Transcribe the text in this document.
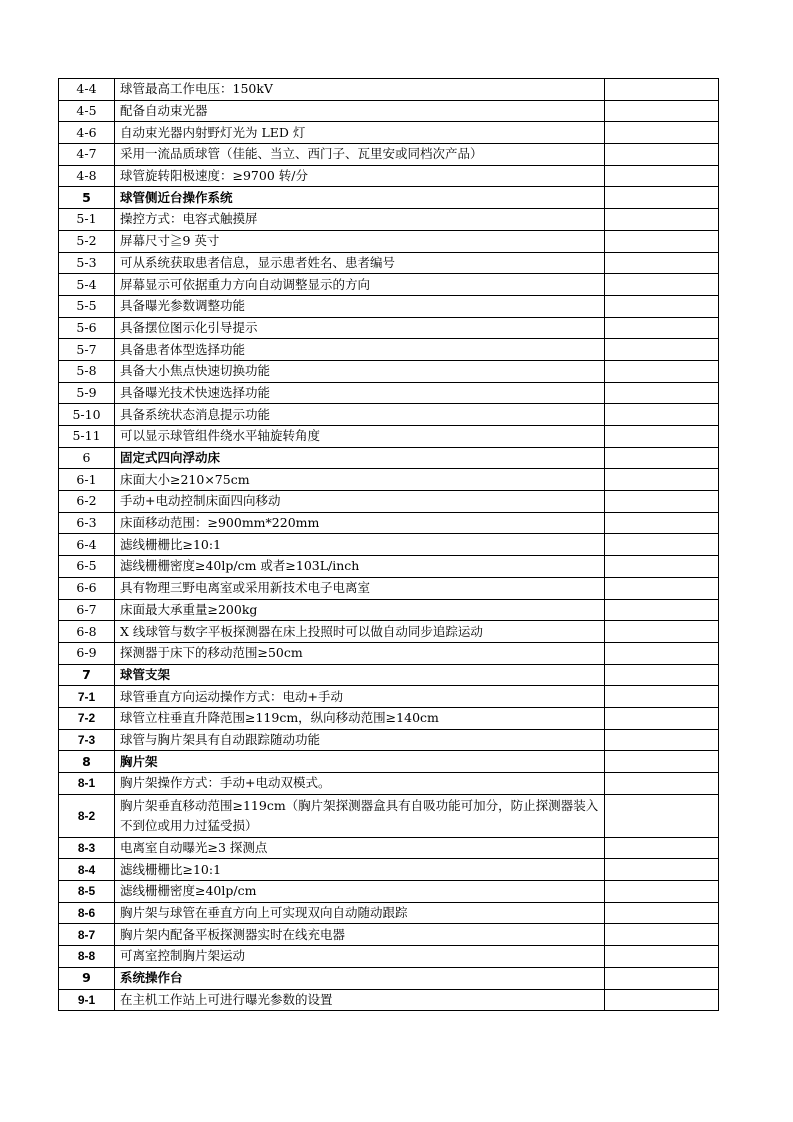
4-4	球管最高工作电压：150kV	
4-5	配备自动束光器	
4-6	自动束光器内射野灯光为 LED 灯	
4-7	采用一流品质球管（佳能、当立、西门子、瓦里安或同档次产品）	
4-8	球管旋转阳极速度：≥9700 转/分	
5	球管侧近台操作系统	
5-1	操控方式：电容式触摸屏	
5-2	屏幕尺寸≧9 英寸	
5-3	可从系统获取患者信息，显示患者姓名、患者编号	
5-4	屏幕显示可依据重力方向自动调整显示的方向	
5-5	具备曝光参数调整功能	
5-6	具备摆位图示化引导提示	
5-7	具备患者体型选择功能	
5-8	具备大小焦点快速切换功能	
5-9	具备曝光技术快速选择功能	
5-10	具备系统状态消息提示功能	
5-11	可以显示球管组件绕水平轴旋转角度	
6	固定式四向浮动床	
6-1	床面大小≥210×75cm	
6-2	手动+电动控制床面四向移动	
6-3	床面移动范围：≥900mm*220mm	
6-4	滤线栅栅比≥10:1	
6-5	滤线栅栅密度≥40lp/cm 或者≥103L/inch	
6-6	具有物理三野电离室或采用新技术电子电离室	
6-7	床面最大承重量≥200kg	
6-8	X 线球管与数字平板探测器在床上投照时可以做自动同步追踪运动	
6-9	探测器于床下的移动范围≥50cm	
7	球管支架	
7-1	球管垂直方向运动操作方式：电动+手动	
7-2	球管立柱垂直升降范围≥119cm，纵向移动范围≥140cm	
7-3	球管与胸片架具有自动跟踪随动功能	
8	胸片架	
8-1	胸片架操作方式：手动+电动双模式。	
8-2	胸片架垂直移动范围≥119cm（胸片架探测器盒具有自吸功能可加分，防止探测器装入不到位或用力过猛受损）	
8-3	电离室自动曝光≥3 探测点	
8-4	滤线栅栅比≥10:1	
8-5	滤线栅栅密度≥40lp/cm	
8-6	胸片架与球管在垂直方向上可实现双向自动随动跟踪	
8-7	胸片架内配备平板探测器实时在线充电器	
8-8	可离室控制胸片架运动	
9	系统操作台	
9-1	在主机工作站上可进行曝光参数的设置	
